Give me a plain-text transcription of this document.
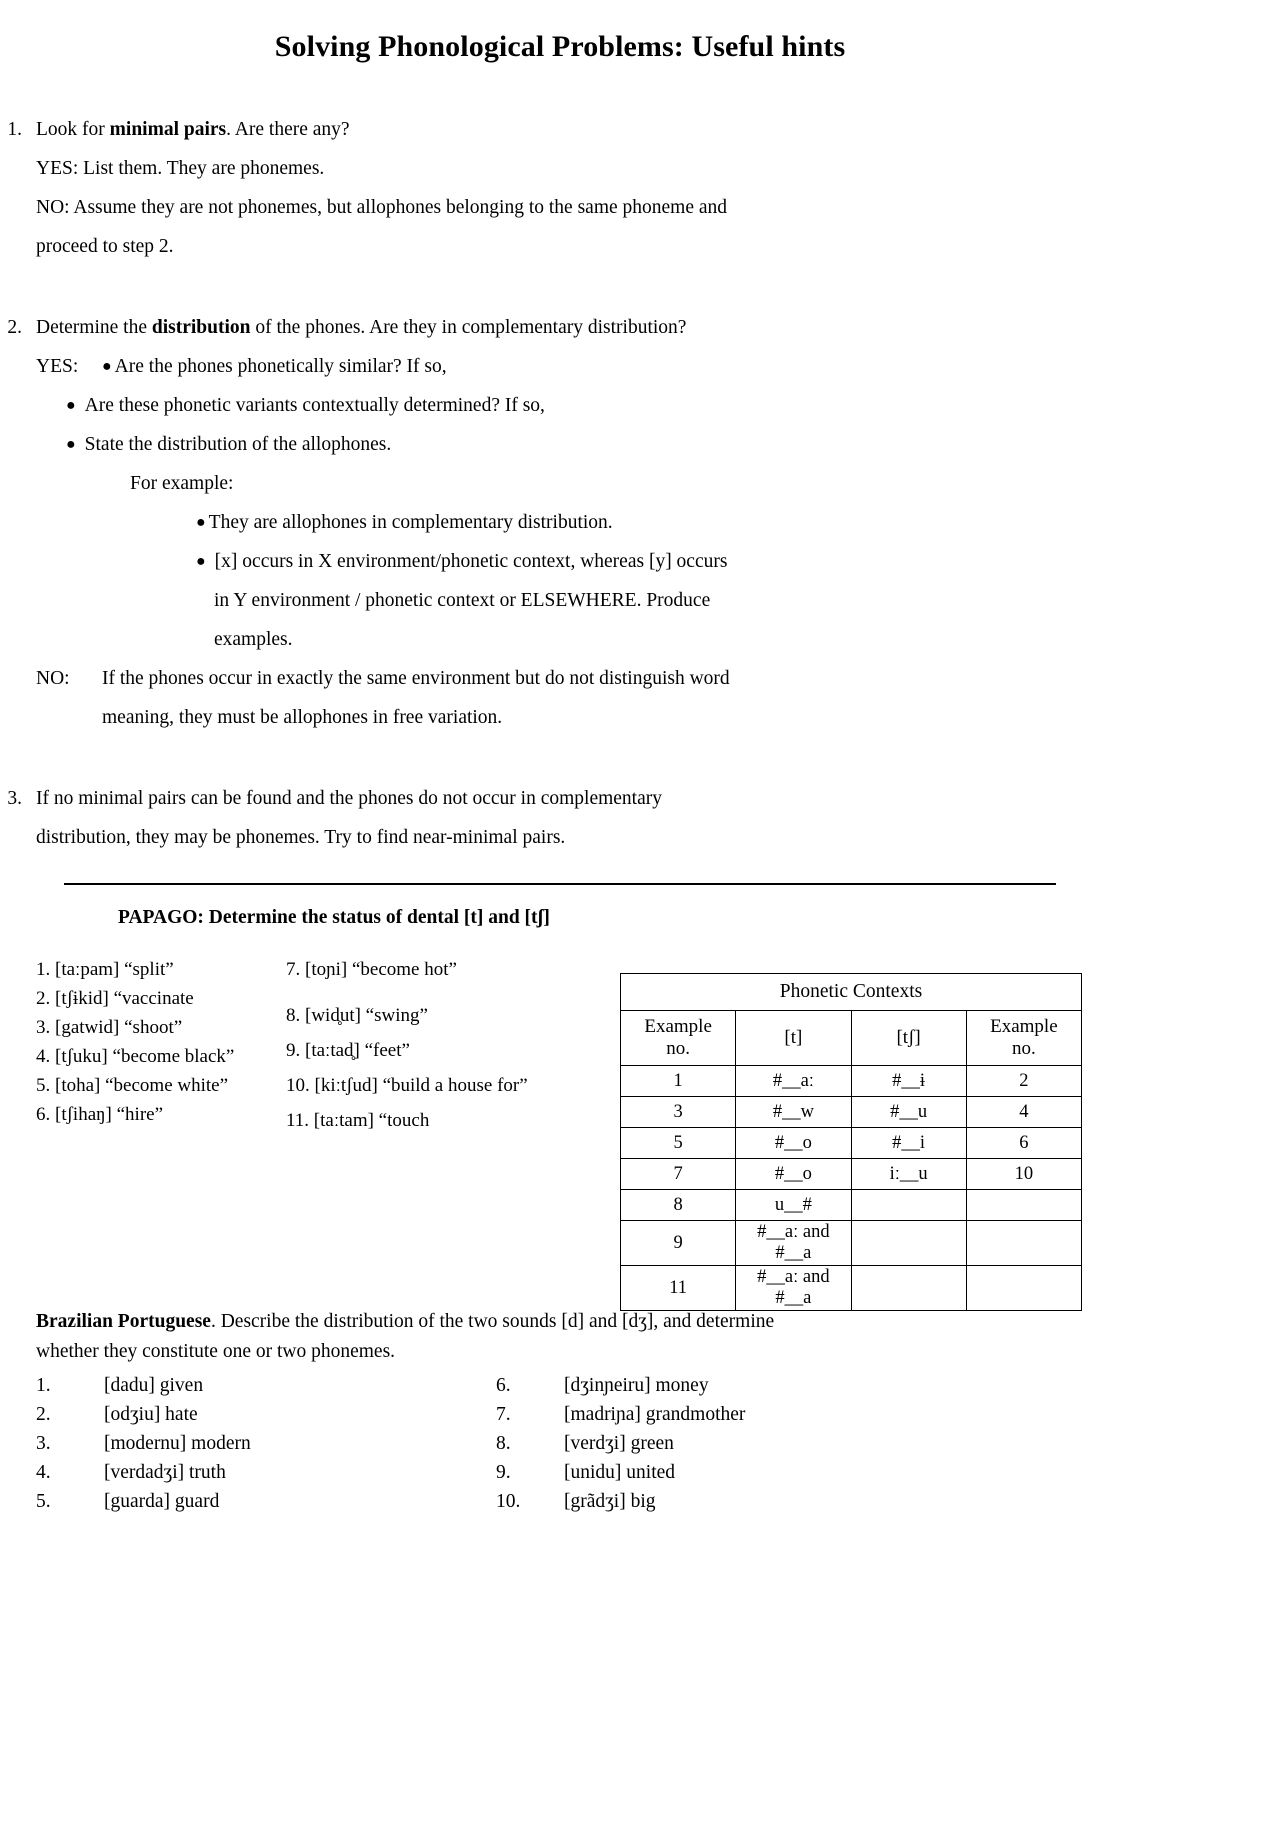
Solving Phonological Problems: Useful hints
1. Look for minimal pairs. Are there any?
YES: List them. They are phonemes.
NO: Assume they are not phonemes, but allophones belonging to the same phoneme and
proceed to step 2.
2. Determine the distribution of the phones. Are they in complementary distribution?
YES:	● Are the phones phonetically similar? If so,
● Are these phonetic variants contextually determined? If so,
● State the distribution of the allophones.
For example:
● They are allophones in complementary distribution.
● [x] occurs in X environment/phonetic context, whereas [y] occurs
in Y environment / phonetic context or ELSEWHERE. Produce
examples.
NO:	If the phones occur in exactly the same environment but do not distinguish word
meaning, they must be allophones in free variation.
3. If no minimal pairs can be found and the phones do not occur in complementary
distribution, they may be phonemes. Try to find near-minimal pairs.
PAPAGO: Determine the status of dental [t] and [tʃ]
1. [taːpam] “split”
2. [tʃɨkid] “vaccinate
3. [gatwid] “shoot”
4. [tʃuku] “become black”
5. [toha] “become white”
6. [tʃihaŋ] “hire”
7. [toɲi] “become hot”
8. [wid̥ut] “swing”
9. [taːtad̥] “feet”
10. [kiːtʃud] “build a house for”
11. [taːtam] “touch
Phonetic Contexts			
Example
no.	[t]	[tʃ]	Example
no.
1	#__aː	#__ɨ	2
3	#__w	#__u	4
5	#__o	#__i	6
7	#__o	iː__u	10
8	u__#		
9	#__aː and #__a		
11	#__aː and #__a		
Brazilian Portuguese. Describe the distribution of the two sounds [d] and [dʒ], and determine
whether they constitute one or two phonemes.
1.	[dadu] given
2.	[odʒiu] hate
3.	[modernu] modern
4.	[verdadʒi] truth
5.	[guarda] guard
6.	[dʒinɲeiru] money
7.	[madriɲa] grandmother
8.	[verdʒi] green
9.	[unidu] united
10.	[grãdʒi] big
